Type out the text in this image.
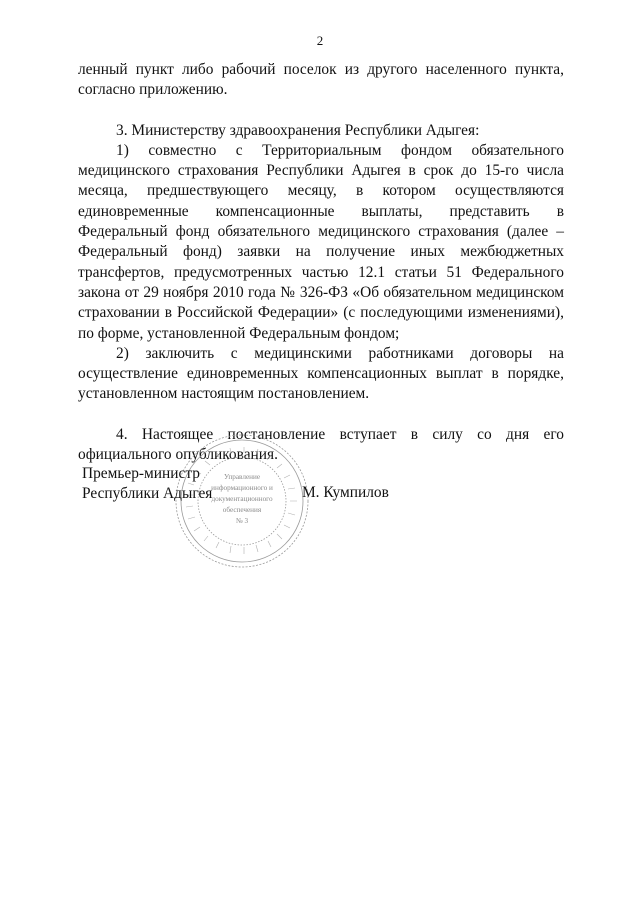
2

ленный пункт либо рабочий поселок из другого населенного пункта, согласно приложению.

3. Министерству здравоохранения Республики Адыгея:

1) совместно с Территориальным фондом обязательного медицинского страхования Республики Адыгея в срок до 15-го числа месяца, предшествующего месяцу, в котором осуществляются единовременные компенсационные выплаты, представить в Федеральный фонд обязательного медицинского страхования (далее – Федеральный фонд) заявки на получение иных межбюджетных трансфертов, предусмотренных частью 12.1 статьи 51 Федерального закона от 29 ноября 2010 года № 326-ФЗ «Об обязательном медицинском страховании в Российской Федерации» (с последующими изменениями), по форме, установленной Федеральным фондом;

2) заключить с медицинскими работниками договоры на осуществление единовременных компенсационных выплат в порядке, установленном настоящим постановлением.

4. Настоящее постановление вступает в силу со дня его официального опубликования.

Управление
информационного и
документационного
обеспечения
№ 3
Премьер-министр
Республики Адыгея	М. Кумпилов
